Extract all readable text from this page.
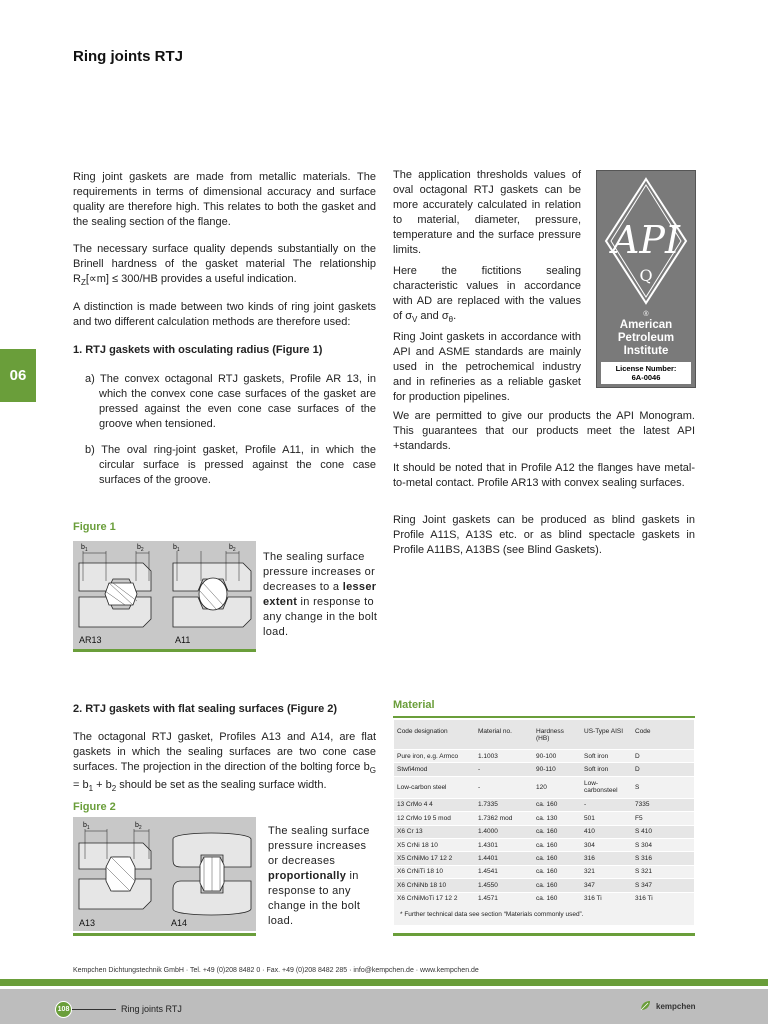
Ring joints RTJ
06

Ring joint gaskets are made from metallic materials. The requirements in terms of dimensional accuracy and surface quality are therefore high. This relates to both the gasket and the sealing section of the flange.

The necessary surface quality depends substantially on the Brinell hardness of the gasket material The relationship $R_Z[\propto m] \le 300/HB$ provides a useful indication.

A distinction is made between two kinds of ring joint gaskets and two different calculation methods are therefore used:

1. RTJ gaskets with osculating radius (Figure 1)

a) The convex octagonal RTJ gaskets, Profile AR 13, in which the convex cone case surfaces of the gasket are pressed against the even cone case surfaces of the groove when tensioned.

b) The oval ring-joint gasket, Profile A11, in which the circular surface is pressed against the cone case surfaces of the groove.

The application thresholds values of oval octagonal RTJ gaskets can be more accurately calculated in relation to material, diameter, pressure, temperature and the surface pressure limits.

Here the fictitions sealing characteristic values in accordance with AD are replaced with the values of $\sigma_V$ and $\sigma_\theta$.

Ring Joint gaskets in accordance with API and ASME standards are mainly used in the petrochemical industry and in refineries as a reliable gasket for production pipelines.

API
Q
®
American
Petroleum
Institute
License Number:
6A-0046

We are permitted to give our products the API Monogram. This guarantees that our products meet the latest API +standards.

It should be noted that in Profile A12 the flanges have metal-to-metal contact. Profile AR13 with convex sealing surfaces.

Ring Joint gaskets can be produced as blind gaskets in Profile A11S, A13S etc. or as blind spectacle gaskets in Profile A11BS, A13BS (see Blind Gaskets).

Figure 1
$b_1$	$b_2$	$b_1$	$b_2$
AR13	A11

The sealing surface pressure increases or decreases to a lesser extent in response to any change in the bolt load.

2. RTJ gaskets with flat sealing surfaces (Figure 2)

The octagonal RTJ gasket, Profiles A13 and A14, are flat gaskets in which the sealing surfaces are two cone case surfaces. The projection in the direction of the bolting force $b_G = b_1 + b_2$ should be set as the sealing surface width.

Figure 2
$b_1$	$b_2$
A13	A14

The sealing surface pressure increases or decreases proportionally in response to any change in the bolt load.

Material
Code designation	Material no.	Hardness (HB)	US-Type AISI	Code
Pure iron, e.g. Armco	1.1003	90-100	Soft iron	D
Stwfi4mod	-	90-110	Soft iron	D
Low-carbon steel	-	120	Low-carbonsteel	S
13 CrMo 4 4	1.7335	ca. 160	-	7335
12 CrMo 19 5 mod	1.7362 mod	ca. 130	501	F5
X6 Cr 13	1.4000	ca. 160	410	S 410
X5 CrNi 18 10	1.4301	ca. 160	304	S 304
X5 CrNiMo 17 12 2	1.4401	ca. 160	316	S 316
X6 CrNiTi 18 10	1.4541	ca. 160	321	S 321
X6 CrNiNb 18 10	1.4550	ca. 160	347	S 347
X6 CrNiMoTi 17 12 2	1.4571	ca. 160	316 Ti	316 Ti
* Further technical data see section “Materials commonly used”.
Kempchen Dichtungstechnik GmbH · Tel. +49 (0)208 8482 0 · Fax. +49 (0)208 8482 285 · info@kempchen.de · www.kempchen.de
108	Ring joints RTJ	kempchen
